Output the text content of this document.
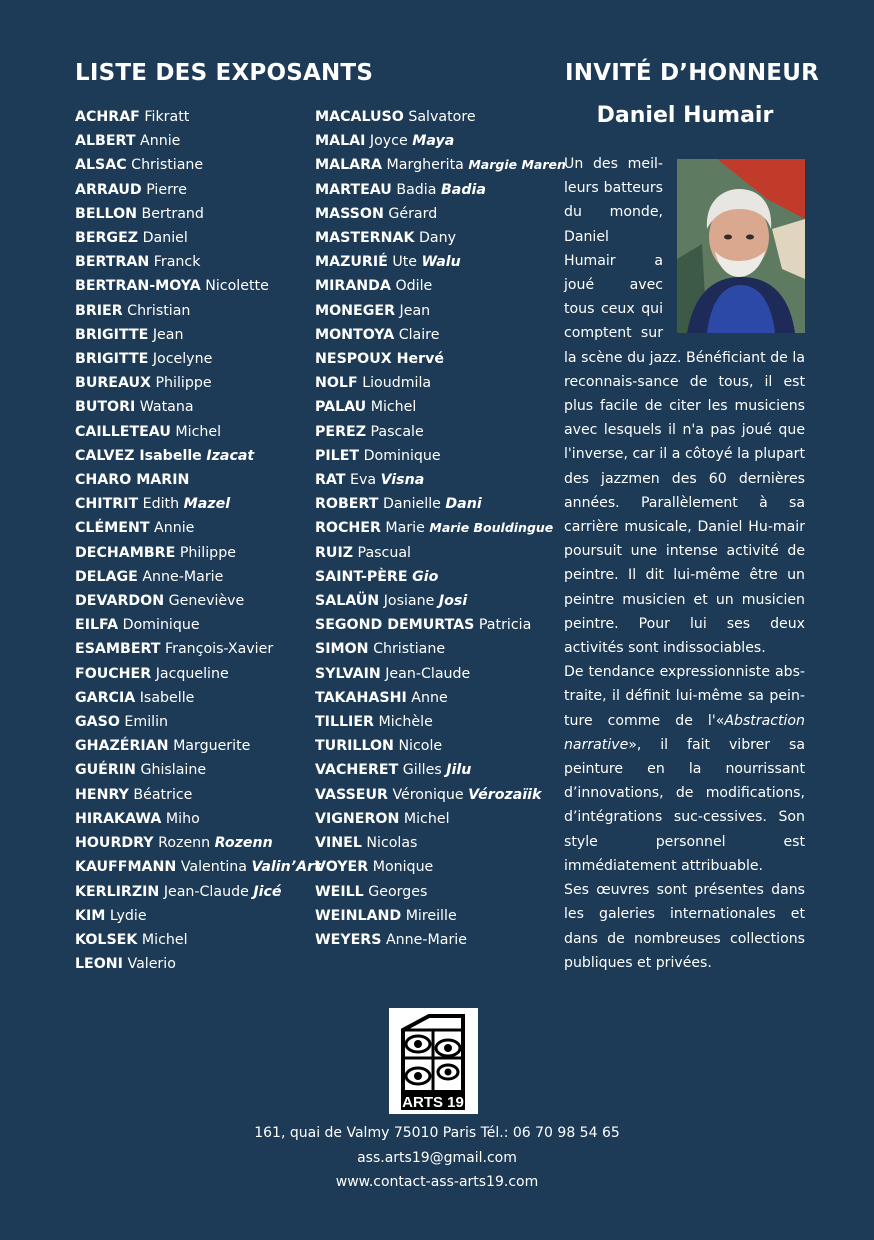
LISTE DES EXPOSANTS	INVITÉ D’HONNEUR
ACHRAF Fikratt
ALBERT Annie
ALSAC Christiane
ARRAUD Pierre
BELLON Bertrand
BERGEZ Daniel
BERTRAN Franck
BERTRAN-MOYA Nicolette
BRIER Christian
BRIGITTE Jean
BRIGITTE Jocelyne
BUREAUX Philippe
BUTORI Watana
CAILLETEAU Michel
CALVEZ Isabelle Izacat
CHARO MARIN
CHITRIT Edith Mazel
CLÉMENT Annie
DECHAMBRE Philippe
DELAGE Anne-Marie
DEVARDON Geneviève
EILFA Dominique
ESAMBERT François-Xavier
FOUCHER Jacqueline
GARCIA Isabelle
GASO Emilin
GHAZÉRIAN Marguerite
GUÉRIN Ghislaine
HENRY Béatrice
HIRAKAWA Miho
HOURDRY Rozenn Rozenn
KAUFFMANN Valentina Valin’Art
KERLIRZIN Jean-Claude Jicé
KIM Lydie
KOLSEK Michel
LEONI Valerio
MACALUSO Salvatore
MALAI Joyce Maya
MALARA Margherita Margie Maren
MARTEAU Badia Badia
MASSON Gérard
MASTERNAK Dany
MAZURIÉ Ute Walu
MIRANDA Odile
MONEGER Jean
MONTOYA Claire
NESPOUX Hervé
NOLF Lioudmila
PALAU Michel
PEREZ Pascale
PILET Dominique
RAT Eva Visna
ROBERT Danielle Dani
ROCHER Marie Marie Bouldingue
RUIZ Pascual
SAINT-PÈRE Gio
SALAÜN Josiane Josi
SEGOND DEMURTAS Patricia
SIMON Christiane
SYLVAIN Jean-Claude
TAKAHASHI Anne
TILLIER Michèle
TURILLON Nicole
VACHERET Gilles Jilu
VASSEUR Véronique Vérozaïik
VIGNERON Michel
VINEL Nicolas
VOYER Monique
WEILL Georges
WEINLAND Mireille
WEYERS Anne-Marie
Daniel Humair

Un des meil-leurs batteurs du monde, Daniel Humair a joué avec tous ceux qui comptent sur la scène du jazz. Bénéficiant de la reconnais-sance de tous, il est plus facile de citer les musiciens avec lesquels il n'a pas joué que l'inverse, car il a côtoyé la plupart des jazzmen des 60 dernières années. Parallèlement à sa carrière musicale, Daniel Hu-mair poursuit une intense activité de peintre. Il dit lui-même être un peintre musicien et un musicien peintre. Pour lui ses deux activités sont indissociables.

De tendance expressionniste abs-traite, il définit lui-même sa pein-ture comme de l'«Abstraction narrative», il fait vibrer sa peinture en la nourrissant d’innovations, de modifications, d’intégrations suc-cessives. Son style personnel est immédiatement attribuable.

Ses œuvres sont présentes dans les galeries internationales et dans de nombreuses collections publiques et privées.

ARTS 19
161, quai de Valmy 75010 Paris Tél.: 06 70 98 54 65
ass.arts19@gmail.com
www.contact-ass-arts19.com
